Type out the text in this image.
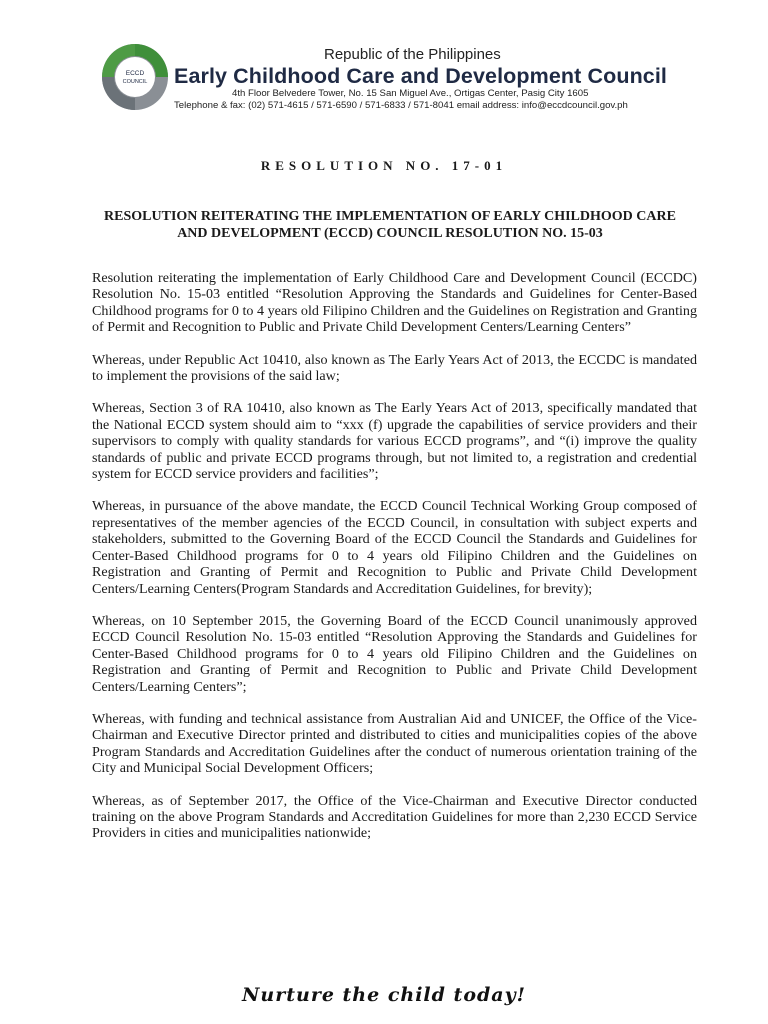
ECCD
COUNCIL
Republic of the Philippines
Early Childhood Care and Development Council
4th Floor Belvedere Tower, No. 15 San Miguel Ave., Ortigas Center, Pasig City 1605
Telephone & fax: (02) 571-4615 / 571-6590 / 571-6833 / 571-8041 email address: info@eccdcouncil.gov.ph
RESOLUTION NO. 17-01
RESOLUTION REITERATING THE IMPLEMENTATION OF EARLY CHILDHOOD CARE AND DEVELOPMENT (ECCD) COUNCIL RESOLUTION NO. 15-03

Resolution reiterating the implementation of Early Childhood Care and Development Council (ECCDC) Resolution No. 15-03 entitled “Resolution Approving the Standards and Guidelines for Center-Based Childhood programs for 0 to 4 years old Filipino Children and the Guidelines on Registration and Granting of Permit and Recognition to Public and Private Child Development Centers/Learning Centers”

Whereas, under Republic Act 10410, also known as The Early Years Act of 2013, the ECCDC is mandated to implement the provisions of the said law;

Whereas, Section 3 of RA 10410, also known as The Early Years Act of 2013, specifically mandated that the National ECCD system should aim to “xxx (f) upgrade the capabilities of service providers and their supervisors to comply with quality standards for various ECCD programs”, and “(i) improve the quality standards of public and private ECCD programs through, but not limited to, a registration and credential system for ECCD service providers and facilities”;

Whereas, in pursuance of the above mandate, the ECCD Council Technical Working Group composed of representatives of the member agencies of the ECCD Council, in consultation with subject experts and stakeholders, submitted to the Governing Board of the ECCD Council the Standards and Guidelines for Center-Based Childhood programs for 0 to 4 years old Filipino Children and the Guidelines on Registration and Granting of Permit and Recognition to Public and Private Child Development Centers/Learning Centers(Program Standards and Accreditation Guidelines, for brevity);

Whereas, on 10 September 2015, the Governing Board of the ECCD Council unanimously approved ECCD Council Resolution No. 15-03 entitled “Resolution Approving the Standards and Guidelines for Center-Based Childhood programs for 0 to 4 years old Filipino Children and the Guidelines on Registration and Granting of Permit and Recognition to Public and Private Child Development Centers/Learning Centers”;

Whereas, with funding and technical assistance from Australian Aid and UNICEF, the Office of the Vice-Chairman and Executive Director printed and distributed to cities and municipalities copies of the above Program Standards and Accreditation Guidelines after the conduct of numerous orientation training of the City and Municipal Social Development Officers;

Whereas, as of September 2017, the Office of the Vice-Chairman and Executive Director conducted training on the above Program Standards and Accreditation Guidelines for more than 2,230 ECCD Service Providers in cities and municipalities nationwide;

Nurture the child today!
